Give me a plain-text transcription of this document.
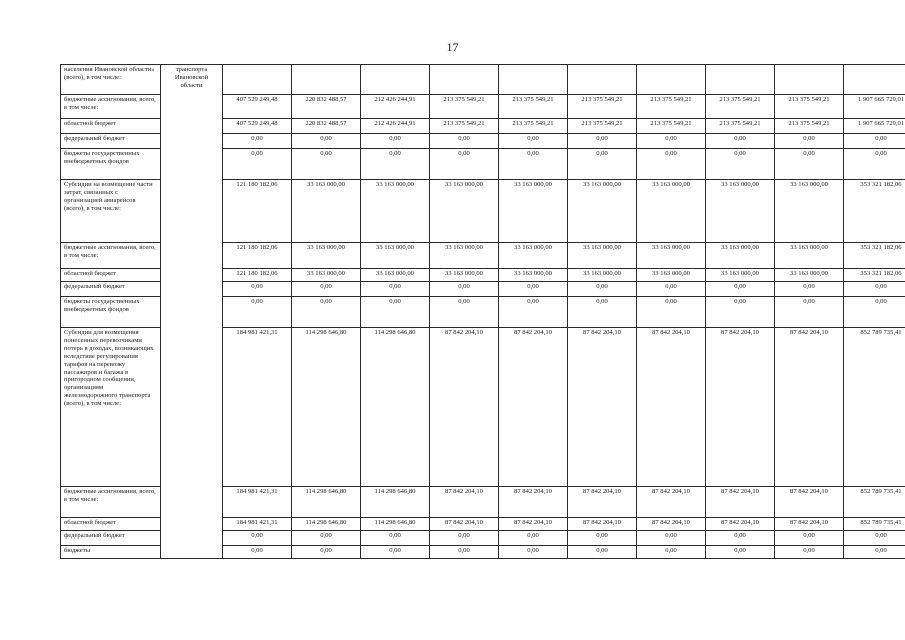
17
населения Ивановской области» (всего), в том числе:	транспорта Ивановской области										
бюджетные ассигнования, всего, в том числе:		407 529 249,48	220 832 488,57	212 426 244,91	213 375 549,21	213 375 549,21	213 375 549,21	213 375 549,21	213 375 549,21	213 375 549,21	1 907 665 729,01
областной бюджет		407 529 249,48	220 832 488,57	212 426 244,91	213 375 549,21	213 375 549,21	213 375 549,21	213 375 549,21	213 375 549,21	213 375 549,21	1 907 665 729,01
федеральный бюджет		0,00	0,00	0,00	0,00	0,00	0,00	0,00	0,00	0,00	0,00
бюджеты государственных внебюджетных фондов		0,00	0,00	0,00	0,00	0,00	0,00	0,00	0,00	0,00	0,00
Субсидии на возмещение части затрат, связанных с организацией авиарейсов (всего), в том числе:		121 180 182,06	33 163 000,00	33 163 000,00	33 163 000,00	33 163 000,00	33 163 000,00	33 163 000,00	33 163 000,00	33 163 000,00	353 321 182,06
бюджетные ассигнования, всего, в том числе:		121 180 182,06	33 163 000,00	33 163 000,00	33 163 000,00	33 163 000,00	33 163 000,00	33 163 000,00	33 163 000,00	33 163 000,00	353 321 182,06
областной бюджет		121 180 182,06	33 163 000,00	33 163 000,00	33 163 000,00	33 163 000,00	33 163 000,00	33 163 000,00	33 163 000,00	33 163 000,00	353 321 182,06
федеральный бюджет		0,00	0,00	0,00	0,00	0,00	0,00	0,00	0,00	0,00	0,00
бюджеты государственных внебюджетных фондов		0,00	0,00	0,00	0,00	0,00	0,00	0,00	0,00	0,00	0,00
Субсидии для возмещения понесенных перевозчиками потерь в доходах, возникающих вследствие регулирования тарифов на перевозку пассажиров и багажа в пригородном сообщении, организациям железнодорожного транспорта (всего), в том числе:		184 981 421,31	114 298 646,80	114 298 646,80	87 842 204,10	87 842 204,10	87 842 204,10	87 842 204,10	87 842 204,10	87 842 204,10	852 789 735,41
бюджетные ассигнования, всего, в том числе:		184 981 421,31	114 298 646,80	114 298 646,80	87 842 204,10	87 842 204,10	87 842 204,10	87 842 204,10	87 842 204,10	87 842 204,10	852 789 735,41
областной бюджет		184 981 421,31	114 298 646,80	114 298 646,80	87 842 204,10	87 842 204,10	87 842 204,10	87 842 204,10	87 842 204,10	87 842 204,10	852 789 735,41
федеральный бюджет		0,00	0,00	0,00	0,00	0,00	0,00	0,00	0,00	0,00	0,00
бюджеты		0,00	0,00	0,00	0,00	0,00	0,00	0,00	0,00	0,00	0,00
